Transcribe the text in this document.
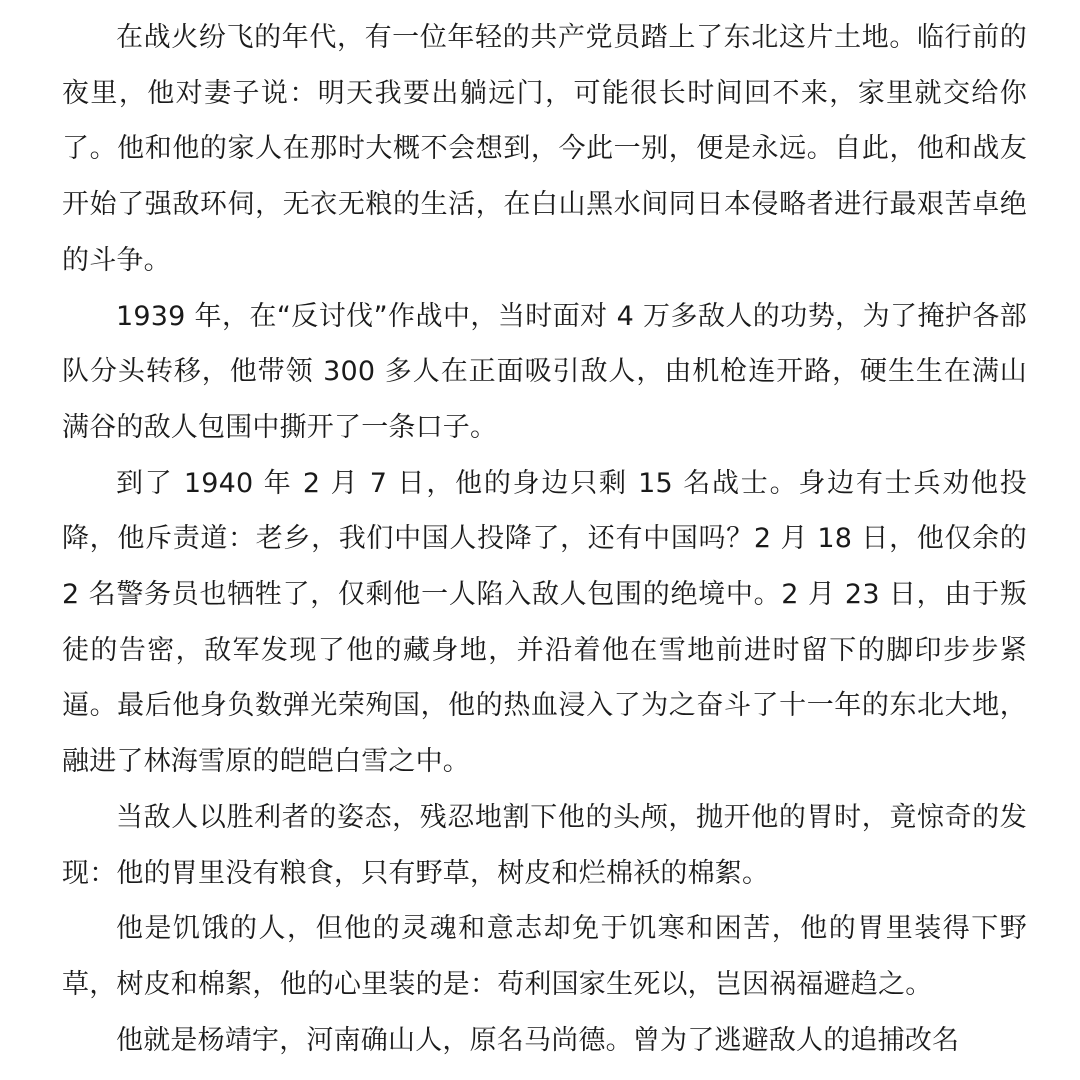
在战火纷飞的年代，有一位年轻的共产党员踏上了东北这片土地。临行前的夜里，他对妻子说：明天我要出躺远门，可能很长时间回不来，家里就交给你了。他和他的家人在那时大概不会想到，今此一别，便是永远。自此，他和战友开始了强敌环伺，无衣无粮的生活，在白山黑水间同日本侵略者进行最艰苦卓绝的斗争。

1939 年，在“反讨伐”作战中，当时面对 4 万多敌人的功势，为了掩护各部队分头转移，他带领 300 多人在正面吸引敌人，由机枪连开路，硬生生在满山满谷的敌人包围中撕开了一条口子。

到了 1940 年 2 月 7 日，他的身边只剩 15 名战士。身边有士兵劝他投降，他斥责道：老乡，我们中国人投降了，还有中国吗？2 月 18 日，他仅余的 2 名警务员也牺牲了，仅剩他一人陷入敌人包围的绝境中。2 月 23 日，由于叛徒的告密，敌军发现了他的藏身地，并沿着他在雪地前进时留下的脚印步步紧逼。最后他身负数弹光荣殉国，他的热血浸入了为之奋斗了十一年的东北大地，融进了林海雪原的皑皑白雪之中。

当敌人以胜利者的姿态，残忍地割下他的头颅，抛开他的胃时，竟惊奇的发现：他的胃里没有粮食，只有野草，树皮和烂棉袄的棉絮。

他是饥饿的人，但他的灵魂和意志却免于饥寒和困苦，他的胃里装得下野草，树皮和棉絮，他的心里装的是：苟利国家生死以，岂因祸福避趋之。

他就是杨靖宇，河南确山人，原名马尚德。曾为了逃避敌人的追捕改名
